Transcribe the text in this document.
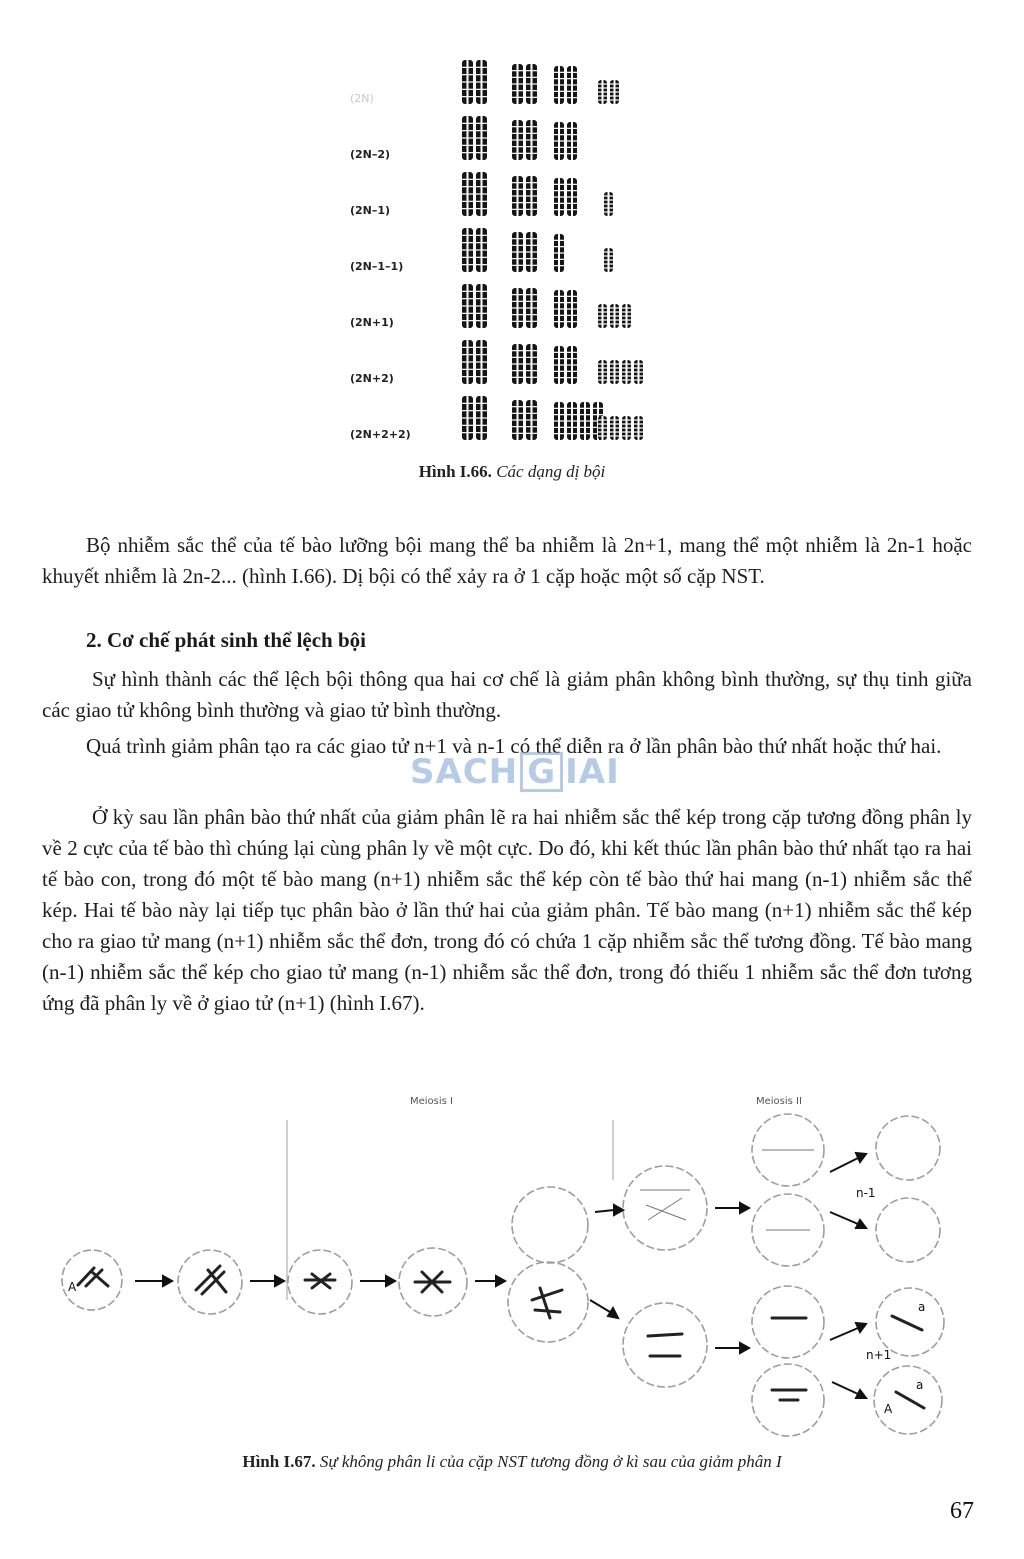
(2N)
(2N–2)
(2N–1)
(2N–1–1)
(2N+1)
(2N+2)
(2N+2+2)
Hình I.66. Các dạng dị bội

Bộ nhiễm sắc thể của tế bào lưỡng bội mang thể ba nhiễm là 2n+1, mang thể một nhiễm là 2n-1 hoặc khuyết nhiễm là 2n-2... (hình I.66). Dị bội có thể xảy ra ở 1 cặp hoặc một số cặp NST.

2. Cơ chế phát sinh thể lệch bội

Sự hình thành các thể lệch bội thông qua hai cơ chế là giảm phân không bình thường, sự thụ tinh giữa các giao tử không bình thường và giao tử bình thường.

Quá trình giảm phân tạo ra các giao tử n+1 và n-1 có thể diễn ra ở lần phân bào thứ nhất hoặc thứ hai.

SACH G IAI

Ở kỳ sau lần phân bào thứ nhất của giảm phân lẽ ra hai nhiễm sắc thể kép trong cặp tương đồng phân ly về 2 cực của tế bào thì chúng lại cùng phân ly về một cực. Do đó, khi kết thúc lần phân bào thứ nhất tạo ra hai tế bào con, trong đó một tế bào mang (n+1) nhiễm sắc thể kép còn tế bào thứ hai mang (n-1) nhiễm sắc thể kép. Hai tế bào này lại tiếp tục phân bào ở lần thứ hai của giảm phân. Tế bào mang (n+1) nhiễm sắc thể kép cho ra giao tử mang (n+1) nhiễm sắc thể đơn, trong đó có chứa 1 cặp nhiễm sắc thể tương đồng. Tế bào mang (n-1) nhiễm sắc thể kép cho giao tử mang (n-1) nhiễm sắc thể đơn, trong đó thiếu 1 nhiễm sắc thể đơn tương ứng đã phân ly về ở giao tử (n+1) (hình I.67).

Meiosis I	Meiosis II
n-1
n+1
A
a
a
A
Hình I.67. Sự không phân li của cặp NST tương đồng ở kì sau của giảm phân I
67
